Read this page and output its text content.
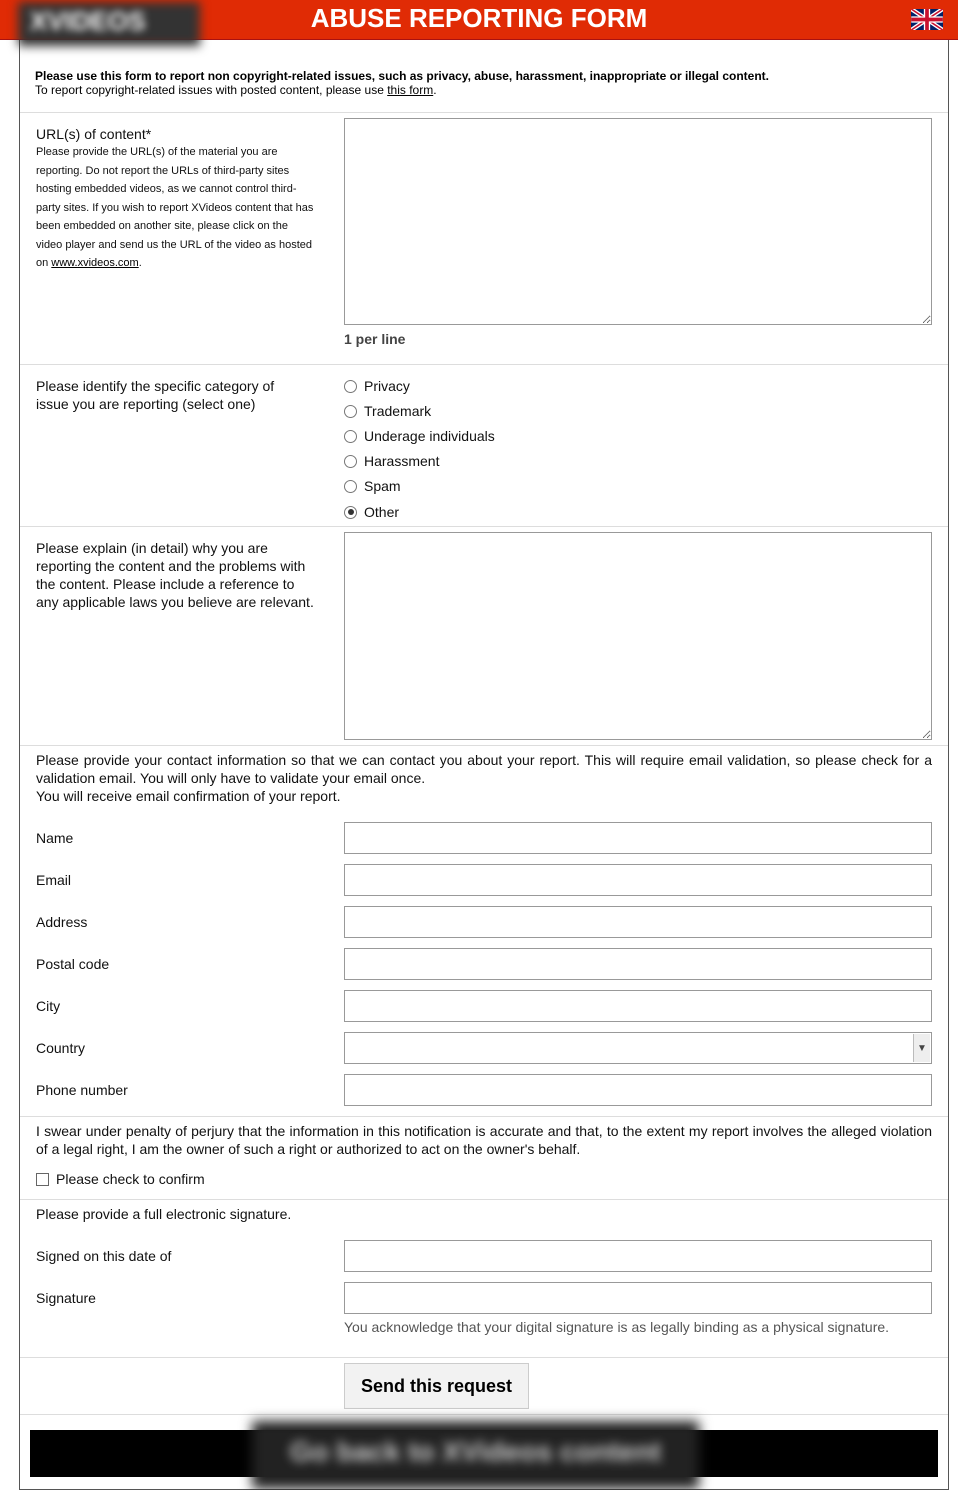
XVIDEOS	ABUSE REPORTING FORM
Please use this form to report non copyright-related issues, such as privacy, abuse, harassment, inappropriate or illegal content.
To report copyright-related issues with posted content, please use this form.
URL(s) of content*
Please provide the URL(s) of the material you are reporting. Do not report the URLs of third-party sites hosting embedded videos, as we cannot control third-party sites. If you wish to report XVideos content that has been embedded on another site, please click on the video player and send us the URL of the video as hosted on www.xvideos.com.
1 per line
Please identify the specific category of issue you are reporting (select one)
Privacy
Trademark
Underage individuals
Harassment
Spam
Other
Please explain (in detail) why you are reporting the content and the problems with the content. Please include a reference to any applicable laws you believe are relevant.
Please provide your contact information so that we can contact you about your report. This will require email validation, so please check for a validation email. You will only have to validate your email once.
You will receive email confirmation of your report.
Name
Email
Address
Postal code
City
Country	▼
Phone number
I swear under penalty of perjury that the information in this notification is accurate and that, to the extent my report involves the alleged violation of a legal right, I am the owner of such a right or authorized to act on the owner's behalf.
Please check to confirm
Please provide a full electronic signature.
Signed on this date of
Signature
You acknowledge that your digital signature is as legally binding as a physical signature.
Send this request
Go back to XVideos content
